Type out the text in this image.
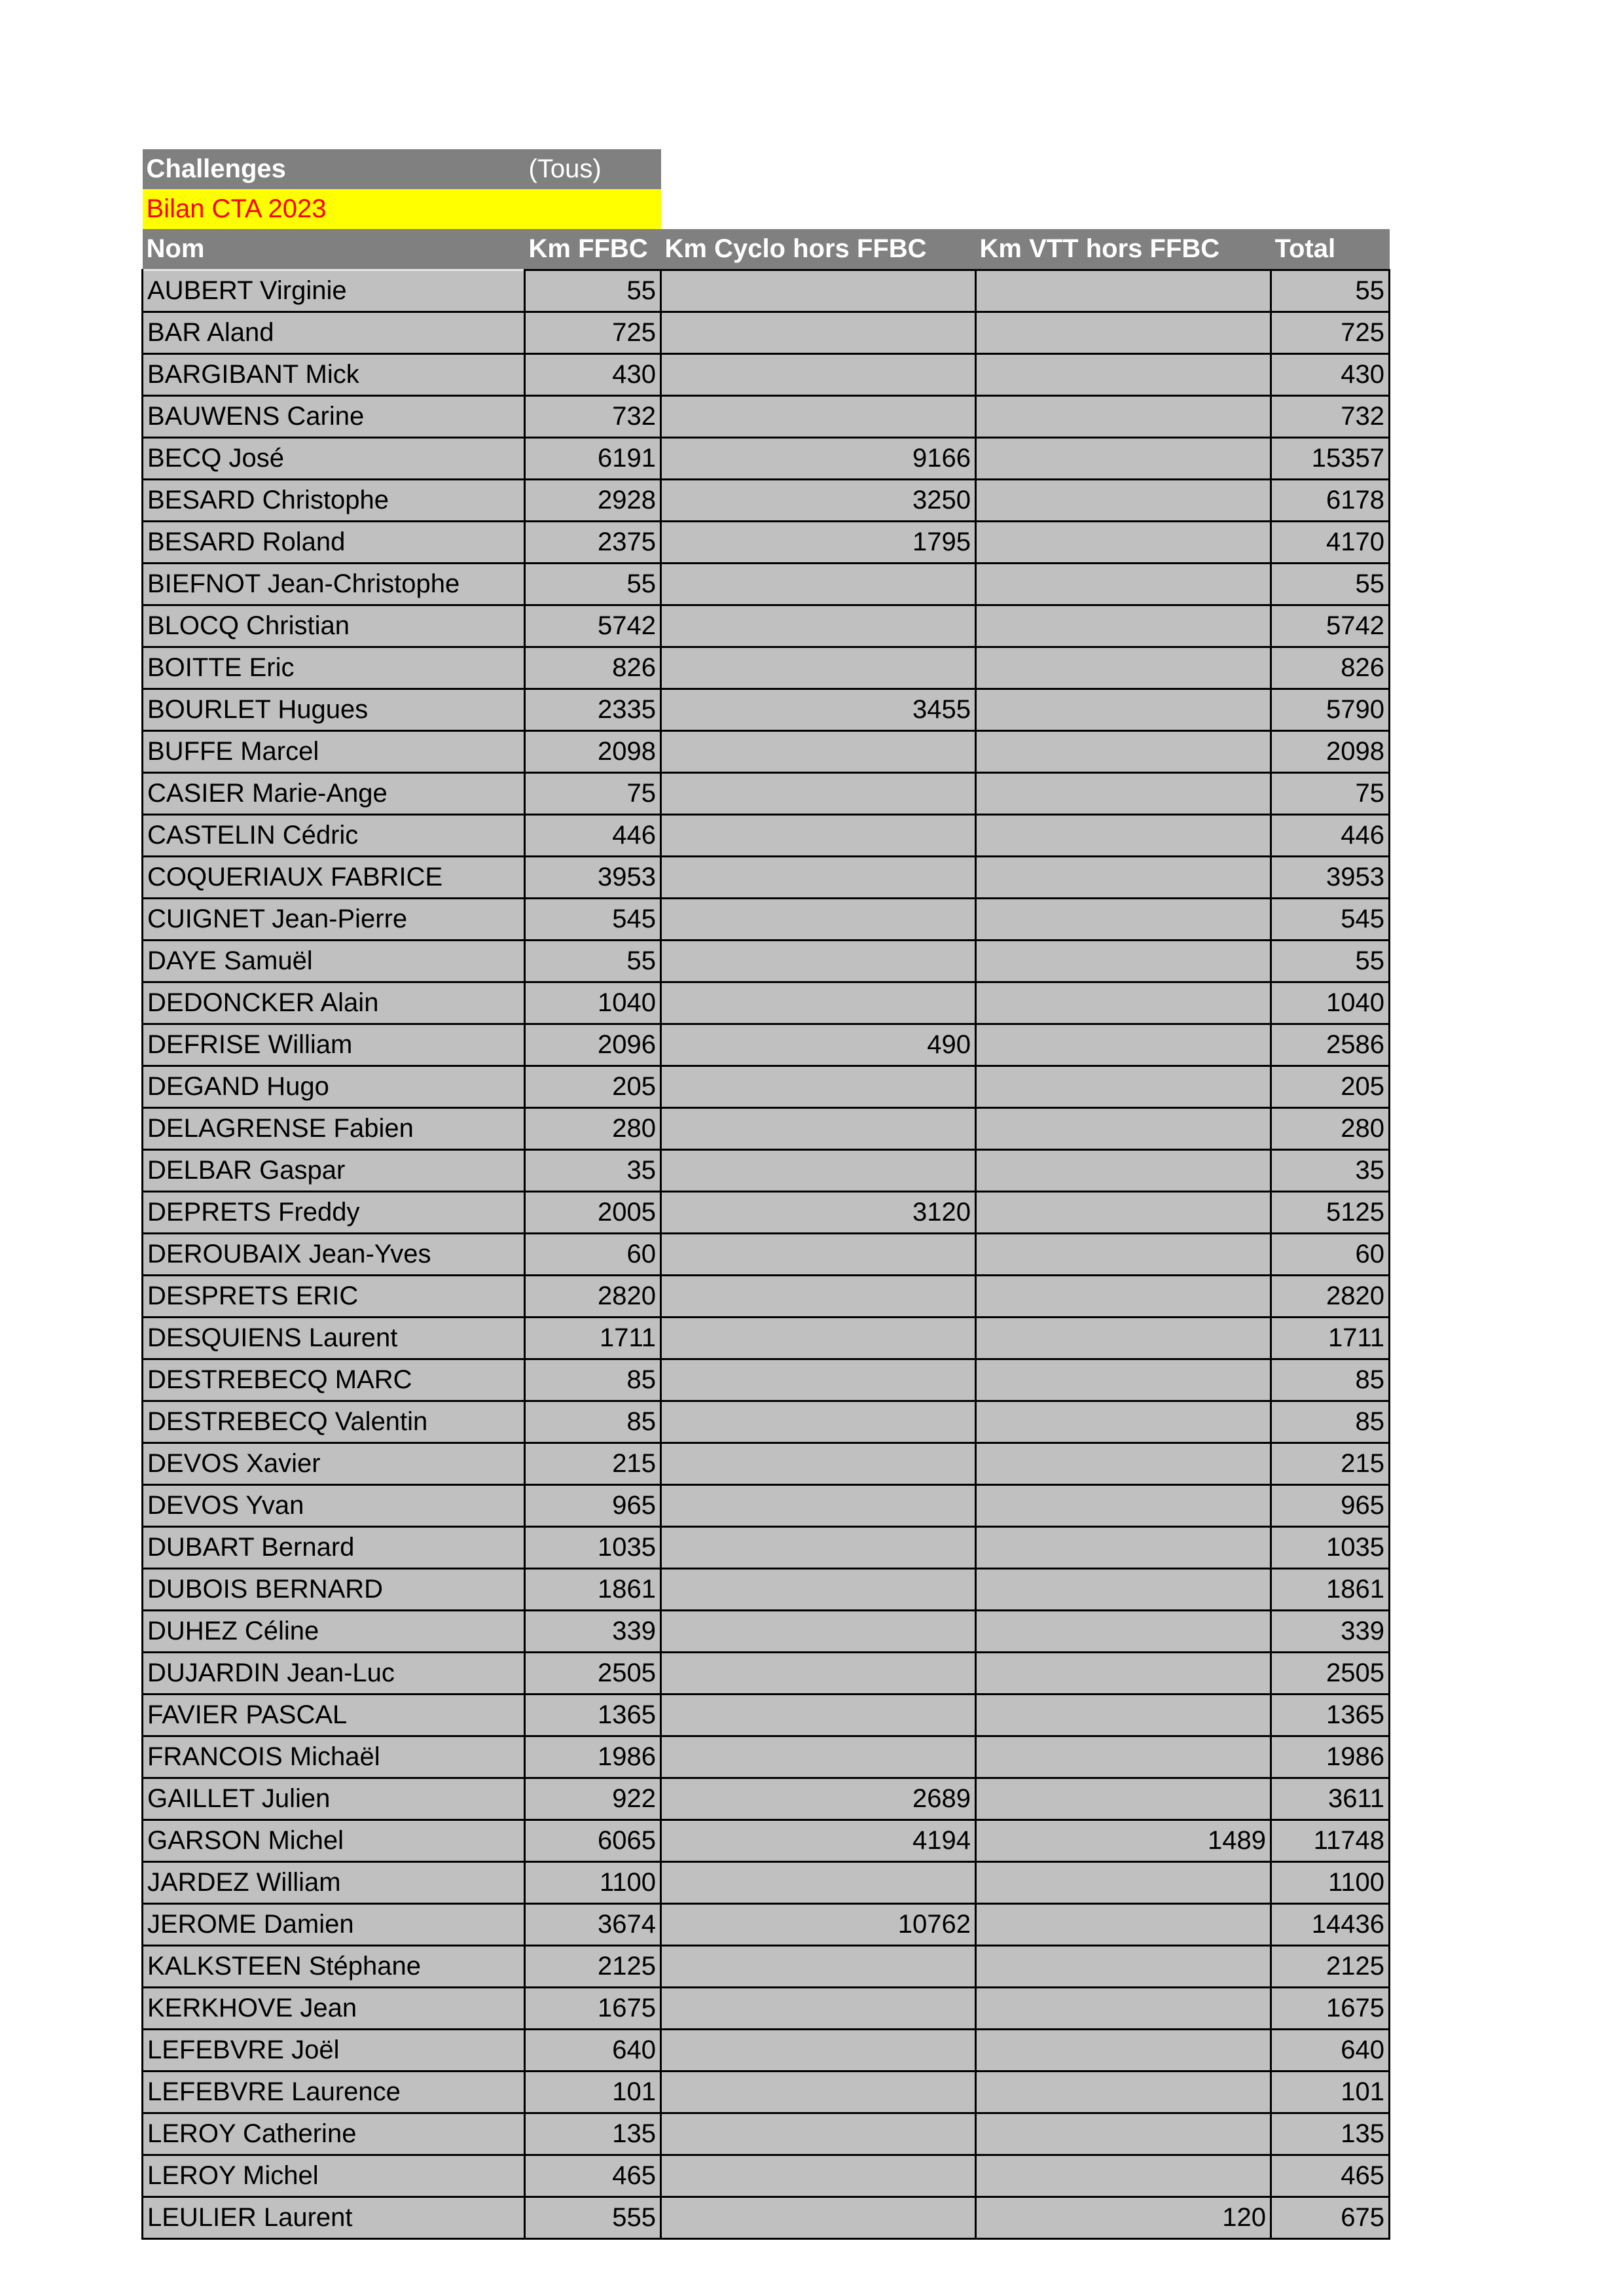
Challenges	(Tous)			
Bilan CTA 2023				
Nom	Km FFBC	Km Cyclo hors FFBC	Km VTT hors FFBC	Total
AUBERT Virginie	55			55
BAR Aland	725			725
BARGIBANT Mick	430			430
BAUWENS Carine	732			732
BECQ José	6191	9166		15357
BESARD Christophe	2928	3250		6178
BESARD Roland	2375	1795		4170
BIEFNOT Jean-Christophe	55			55
BLOCQ Christian	5742			5742
BOITTE Eric	826			826
BOURLET Hugues	2335	3455		5790
BUFFE Marcel	2098			2098
CASIER Marie-Ange	75			75
CASTELIN Cédric	446			446
COQUERIAUX FABRICE	3953			3953
CUIGNET Jean-Pierre	545			545
DAYE Samuël	55			55
DEDONCKER Alain	1040			1040
DEFRISE William	2096	490		2586
DEGAND Hugo	205			205
DELAGRENSE Fabien	280			280
DELBAR Gaspar	35			35
DEPRETS Freddy	2005	3120		5125
DEROUBAIX Jean-Yves	60			60
DESPRETS ERIC	2820			2820
DESQUIENS Laurent	1711			1711
DESTREBECQ MARC	85			85
DESTREBECQ Valentin	85			85
DEVOS Xavier	215			215
DEVOS Yvan	965			965
DUBART Bernard	1035			1035
DUBOIS BERNARD	1861			1861
DUHEZ Céline	339			339
DUJARDIN Jean-Luc	2505			2505
FAVIER PASCAL	1365			1365
FRANCOIS Michaël	1986			1986
GAILLET Julien	922	2689		3611
GARSON Michel	6065	4194	1489	11748
JARDEZ William	1100			1100
JEROME Damien	3674	10762		14436
KALKSTEEN Stéphane	2125			2125
KERKHOVE Jean	1675			1675
LEFEBVRE Joël	640			640
LEFEBVRE Laurence	101			101
LEROY Catherine	135			135
LEROY Michel	465			465
LEULIER Laurent	555		120	675
